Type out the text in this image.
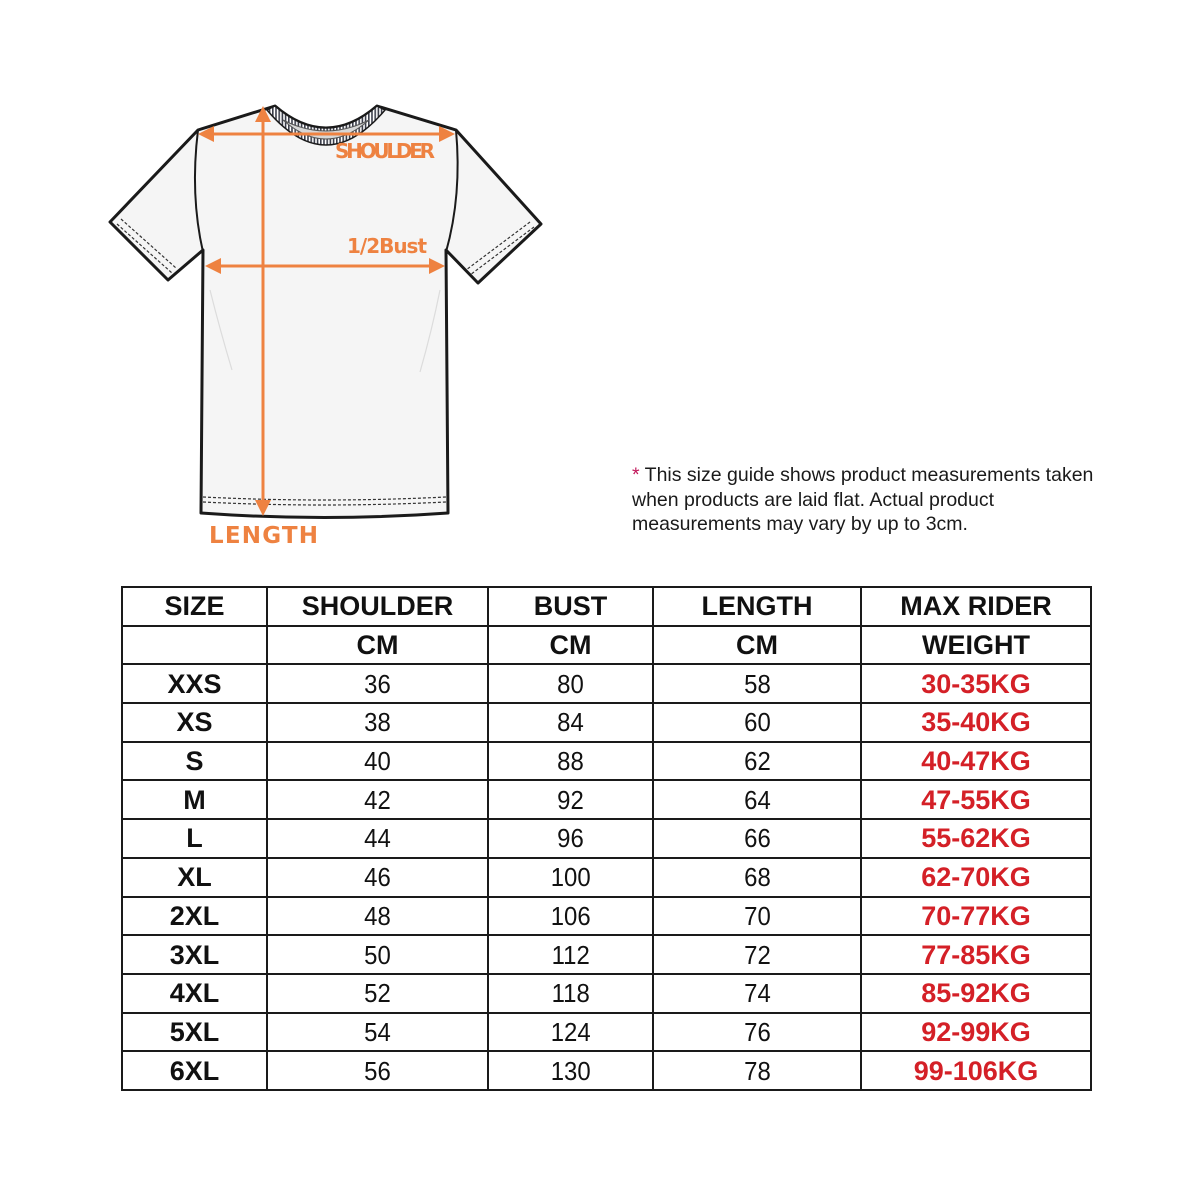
SHOULDER
1/2Bust
LENGTH

* This size guide shows product measurements taken when products are laid flat. Actual product measurements may vary by up to 3cm.

SIZE	SHOULDER	BUST	LENGTH	MAX RIDER
	CM	CM	CM	WEIGHT
XXS	36	80	58	30-35KG
XS	38	84	60	35-40KG
S	40	88	62	40-47KG
M	42	92	64	47-55KG
L	44	96	66	55-62KG
XL	46	100	68	62-70KG
2XL	48	106	70	70-77KG
3XL	50	112	72	77-85KG
4XL	52	118	74	85-92KG
5XL	54	124	76	92-99KG
6XL	56	130	78	99-106KG
